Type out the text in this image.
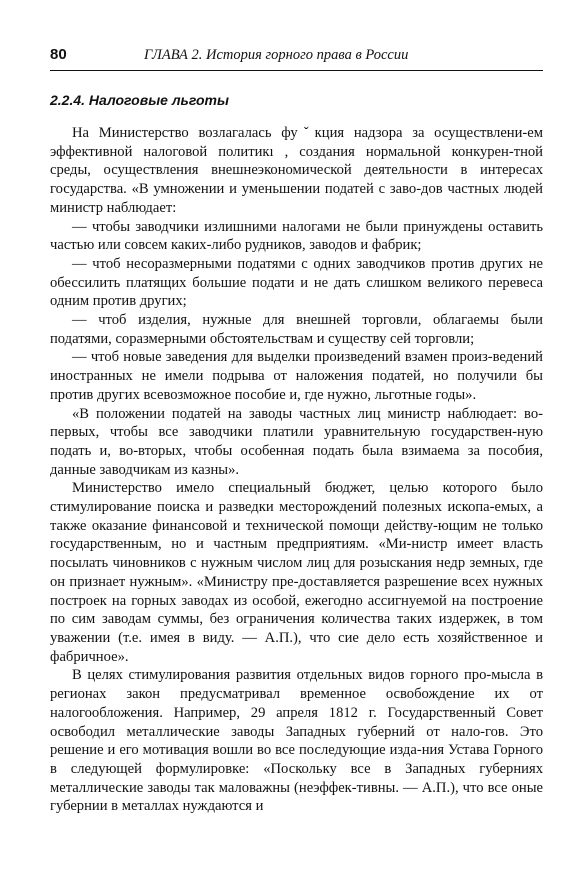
80	ГЛАВА 2. История горного права в России
2.2.4. Налоговые льготы

На Министерство возлагалась фуˇкция надзора за осуществлени-ем эффективной налоговой политикı , создания нормальной конкурен-тной среды, осуществления внешнеэкономической деятельности в интересах государства. «В умножении и уменьшении податей с заво-дов частных людей министр наблюдает:

— чтобы заводчики излишними налогами не были принуждены оставить частью или совсем каких-либо рудников, заводов и фабрик;

— чтоб несоразмерными податями с одних заводчиков против других не обессилить платящих большие подати и не дать слишком великого перевеса одним против других;

— чтоб изделия, нужные для внешней торговли, облагаемы были податями, соразмерными обстоятельствам и существу сей торговли;

— чтоб новые заведения для выделки произведений взамен произ-ведений иностранных не имели подрыва от наложения податей, но получили бы против других всевозможное пособие и, где нужно, льготные годы».

«В положении податей на заводы частных лиц министр наблюдает: во-первых, чтобы все заводчики платили уравнительную государствен-ную подать и, во-вторых, чтобы особенная подать была взимаема за пособия, данные заводчикам из казны».

Министерство имело специальный бюджет, целью которого было стимулирование поиска и разведки месторождений полезных ископа-емых, а также оказание финансовой и технической помощи действу-ющим не только государственным, но и частным предприятиям. «Ми-нистр имеет власть посылать чиновников с нужным числом лиц для розыскания недр земных, где он признает нужным». «Министру пре-доставляется разрешение всех нужных построек на горных заводах из особой, ежегодно ассигнуемой на построение по сим заводам суммы, без ограничения количества таких издержек, в том уважении (т.е. имея в виду. — А.П.), что сие дело есть хозяйственное и фабричное».

В целях стимулирования развития отдельных видов горного про-мысла в регионах закон предусматривал временное освобождение их от налогообложения. Например, 29 апреля 1812 г. Государственный Совет освободил металлические заводы Западных губерний от нало-гов. Это решение и его мотивация вошли во все последующие изда-ния Устава Горного в следующей формулировке: «Поскольку все в Западных губерниях металлические заводы так маловажны (неэффек-тивны. — А.П.), что все оные губернии в металлах нуждаются и
